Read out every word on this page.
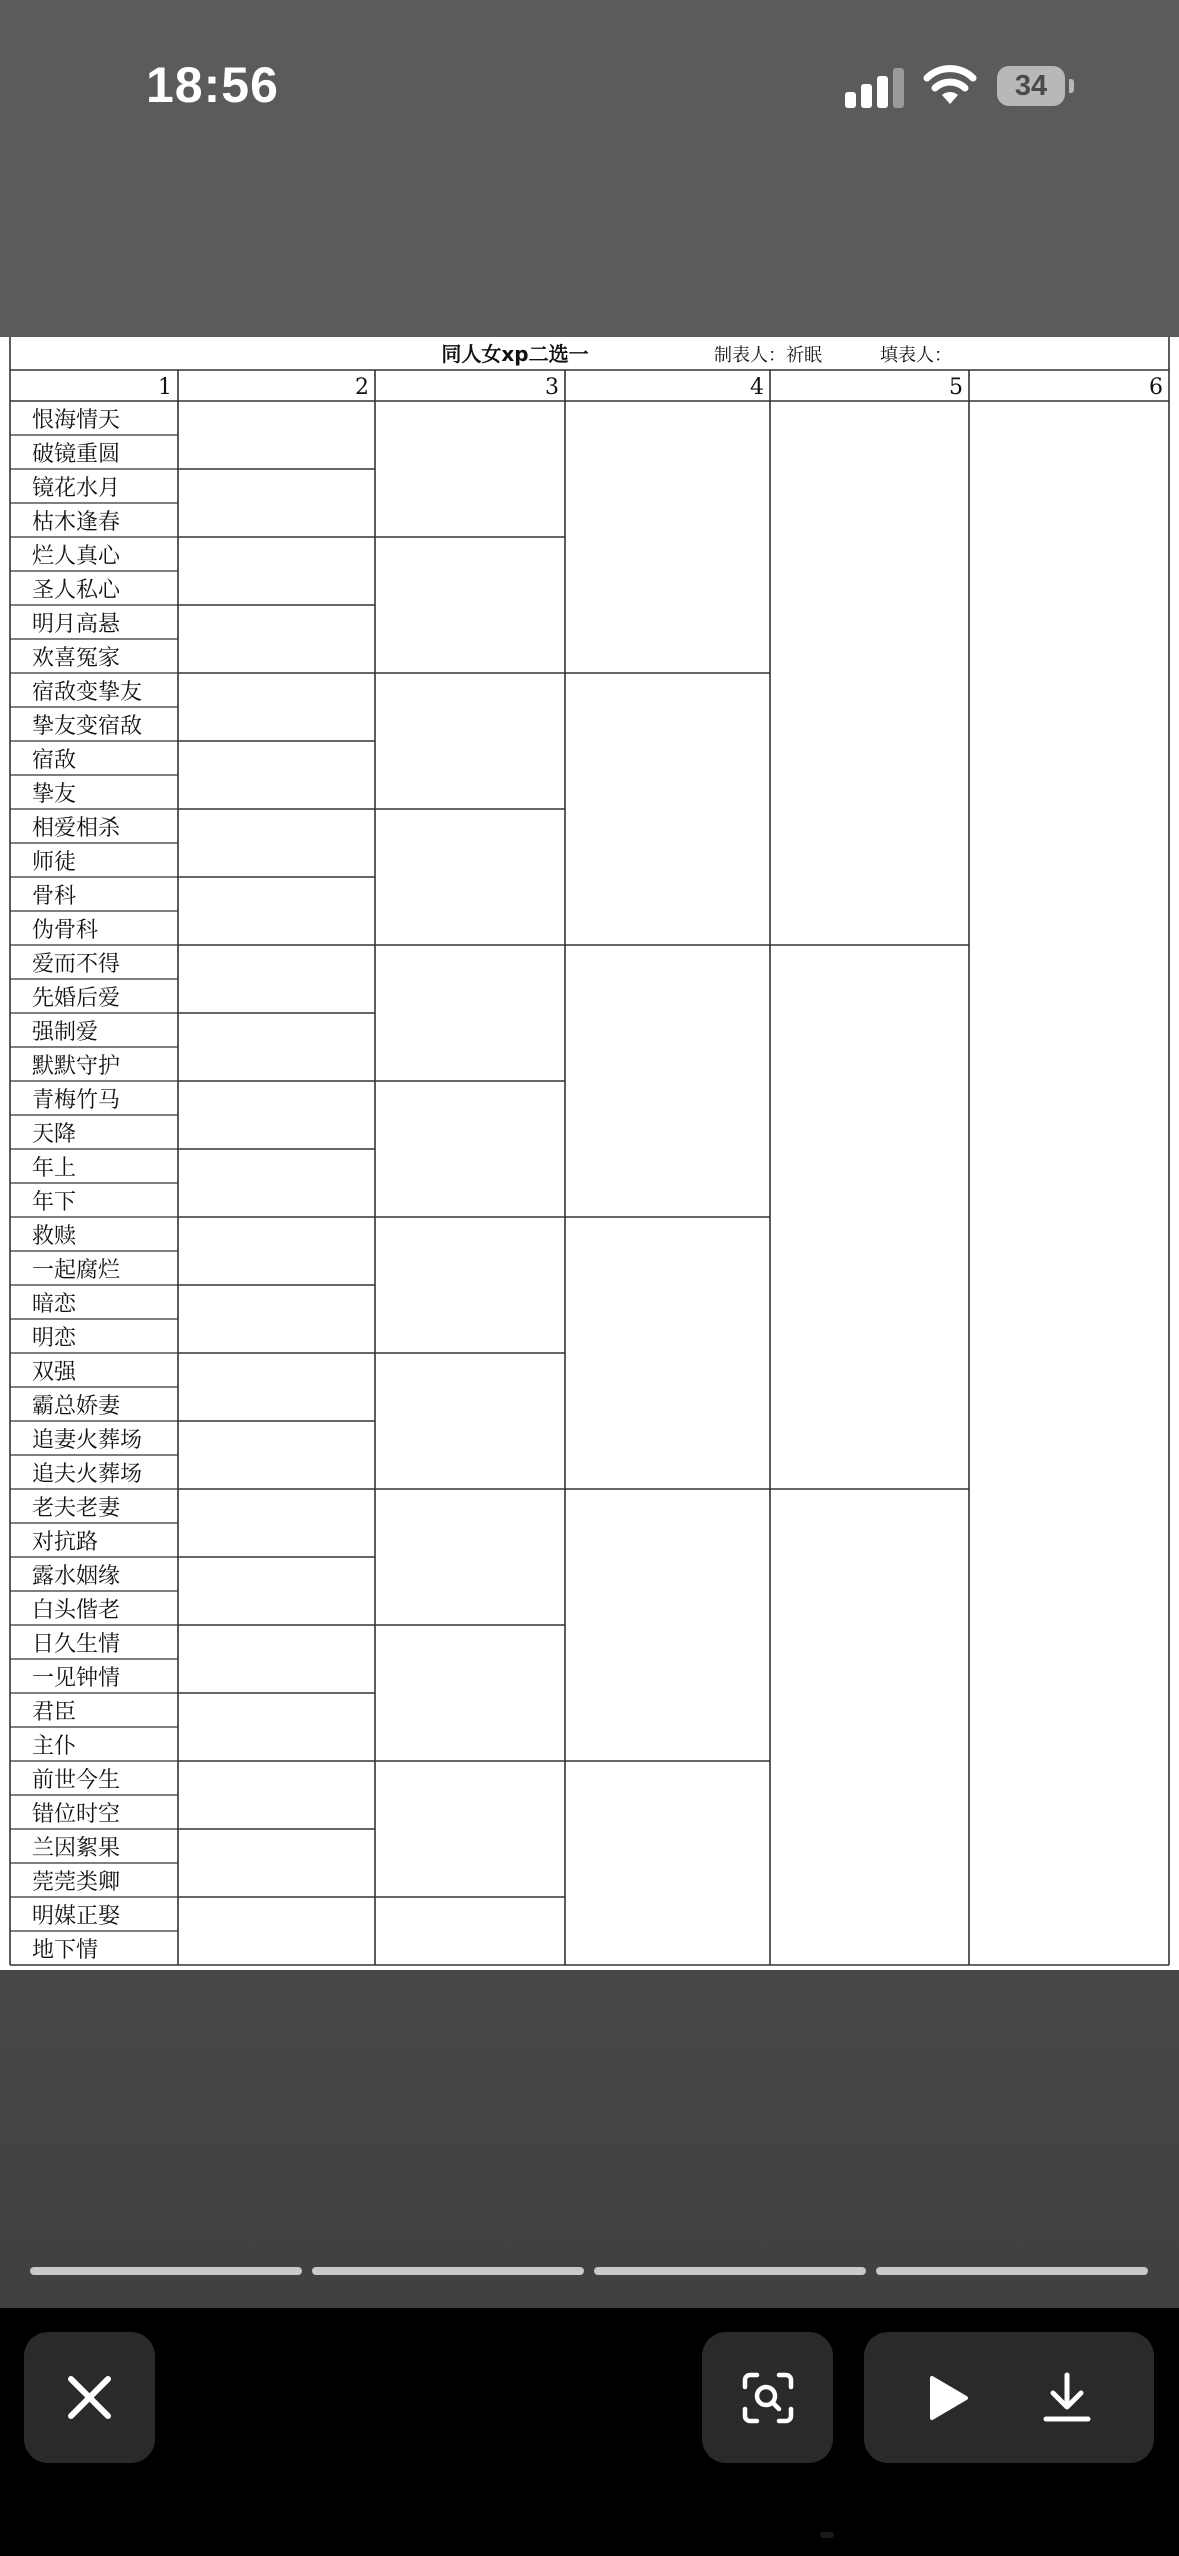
18:56	34
同人女xp二选一	制表人：祈眠	填表人：
1	2	3	4	5	6
恨海情天
破镜重圆
镜花水月
枯木逢春
烂人真心
圣人私心
明月高悬
欢喜冤家
宿敌变挚友
挚友变宿敌
宿敌
挚友
相爱相杀
师徒
骨科
伪骨科
爱而不得
先婚后爱
强制爱
默默守护
青梅竹马
天降
年上
年下
救赎
一起腐烂
暗恋
明恋
双强
霸总娇妻
追妻火葬场
追夫火葬场
老夫老妻
对抗路
露水姻缘
白头偕老
日久生情
一见钟情
君臣
主仆
前世今生
错位时空
兰因絮果
莞莞类卿
明媒正娶
地下情
